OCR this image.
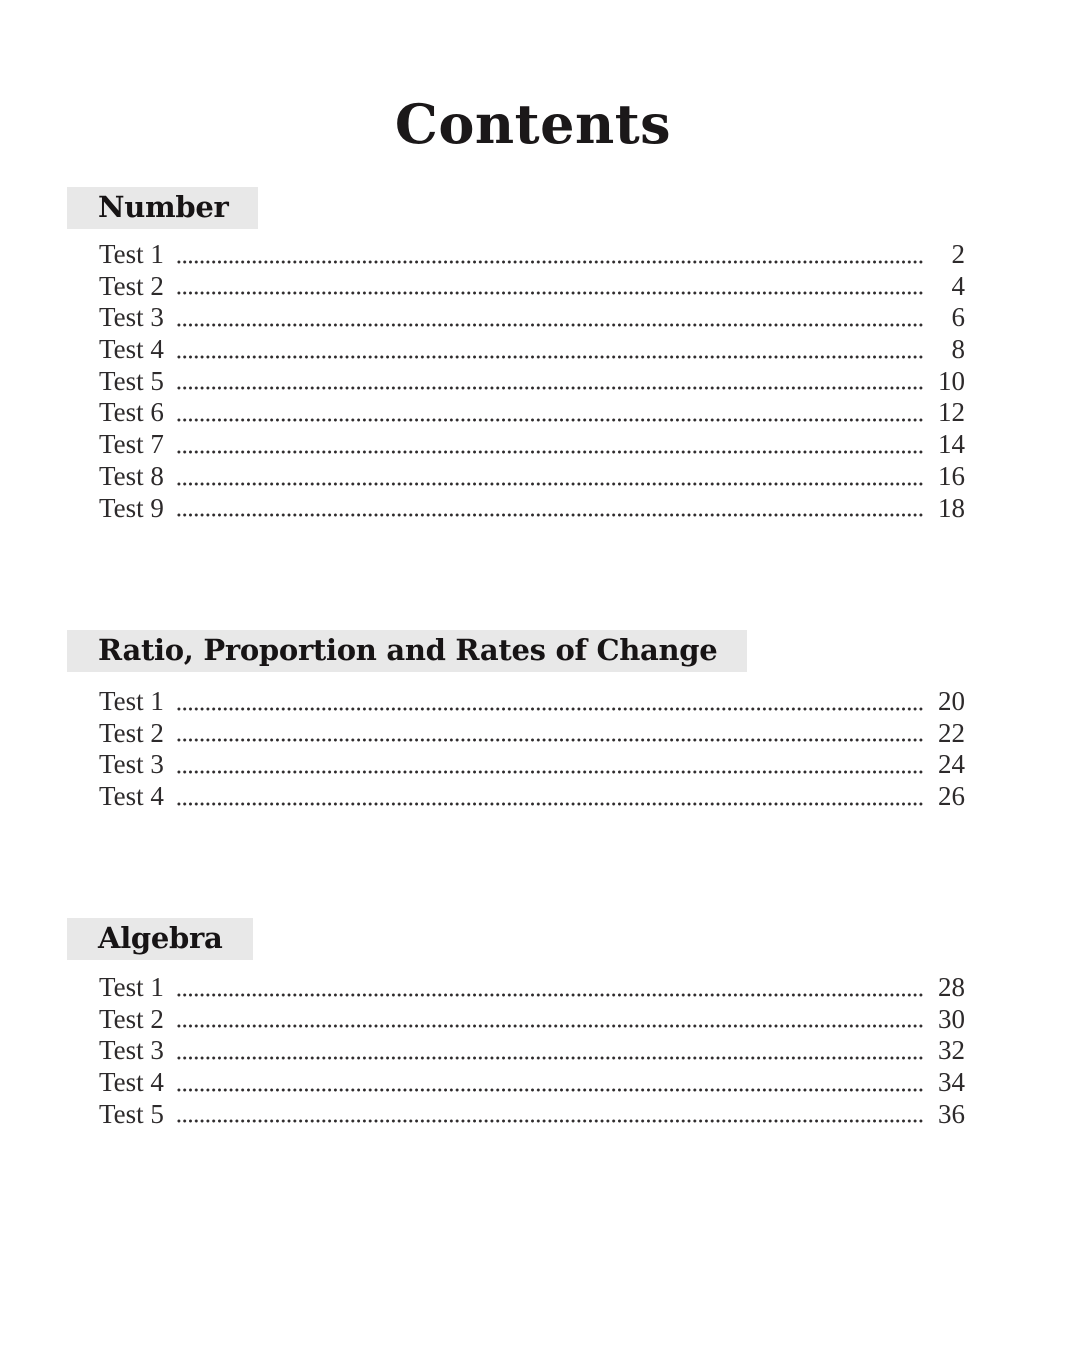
Contents
Number
Test 1	2
Test 2	4
Test 3	6
Test 4	8
Test 5	10
Test 6	12
Test 7	14
Test 8	16
Test 9	18
Ratio, Proportion and Rates of Change
Test 1	20
Test 2	22
Test 3	24
Test 4	26
Algebra
Test 1	28
Test 2	30
Test 3	32
Test 4	34
Test 5	36
